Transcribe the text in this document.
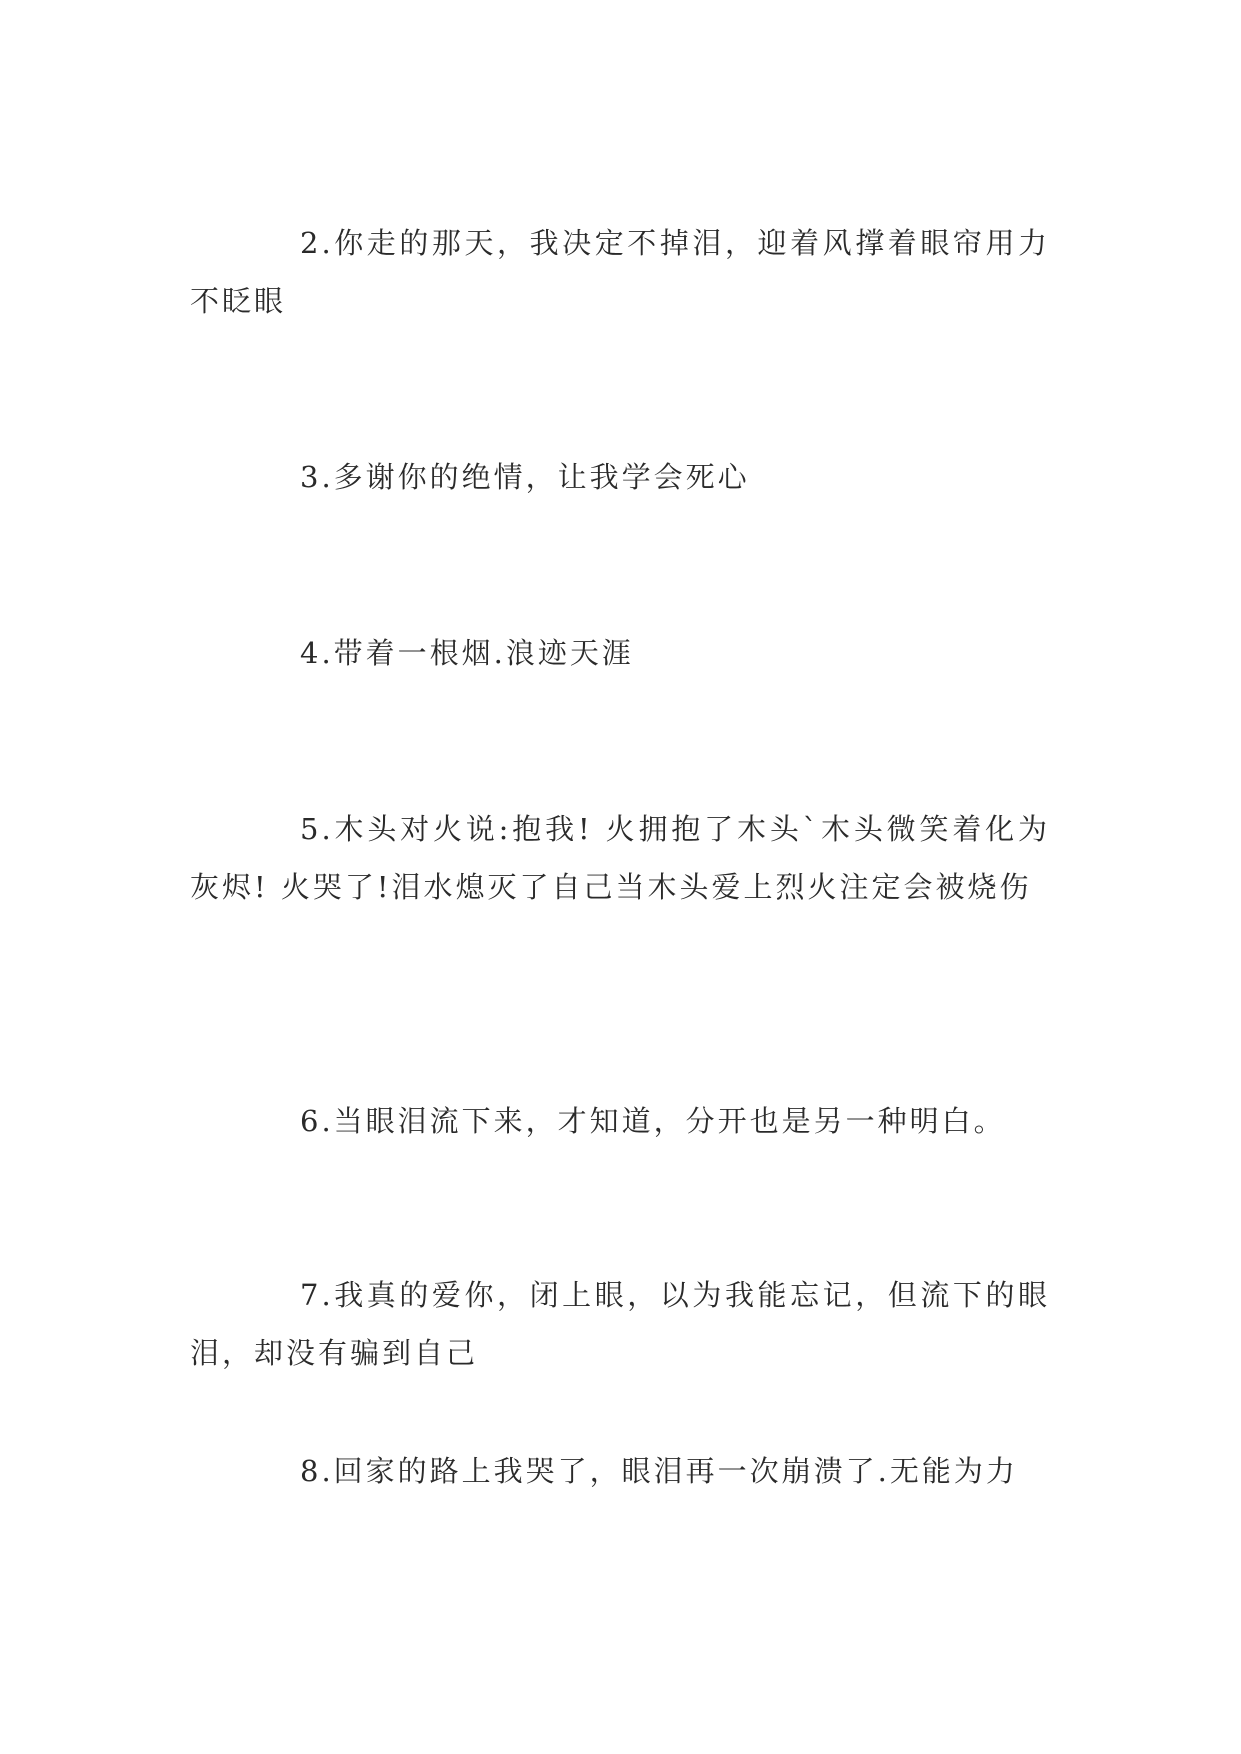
2.你走的那天，我决定不掉泪，迎着风撑着眼帘用力不眨眼

3.多谢你的绝情，让我学会死心

4.带着一根烟.浪迹天涯

5.木头对火说:抱我! 火拥抱了木头`木头微笑着化为灰烬! 火哭了!泪水熄灭了自己当木头爱上烈火注定会被烧伤

6.当眼泪流下来，才知道，分开也是另一种明白。

7.我真的爱你，闭上眼，以为我能忘记，但流下的眼泪，却没有骗到自己

8.回家的路上我哭了，眼泪再一次崩溃了.无能为力
